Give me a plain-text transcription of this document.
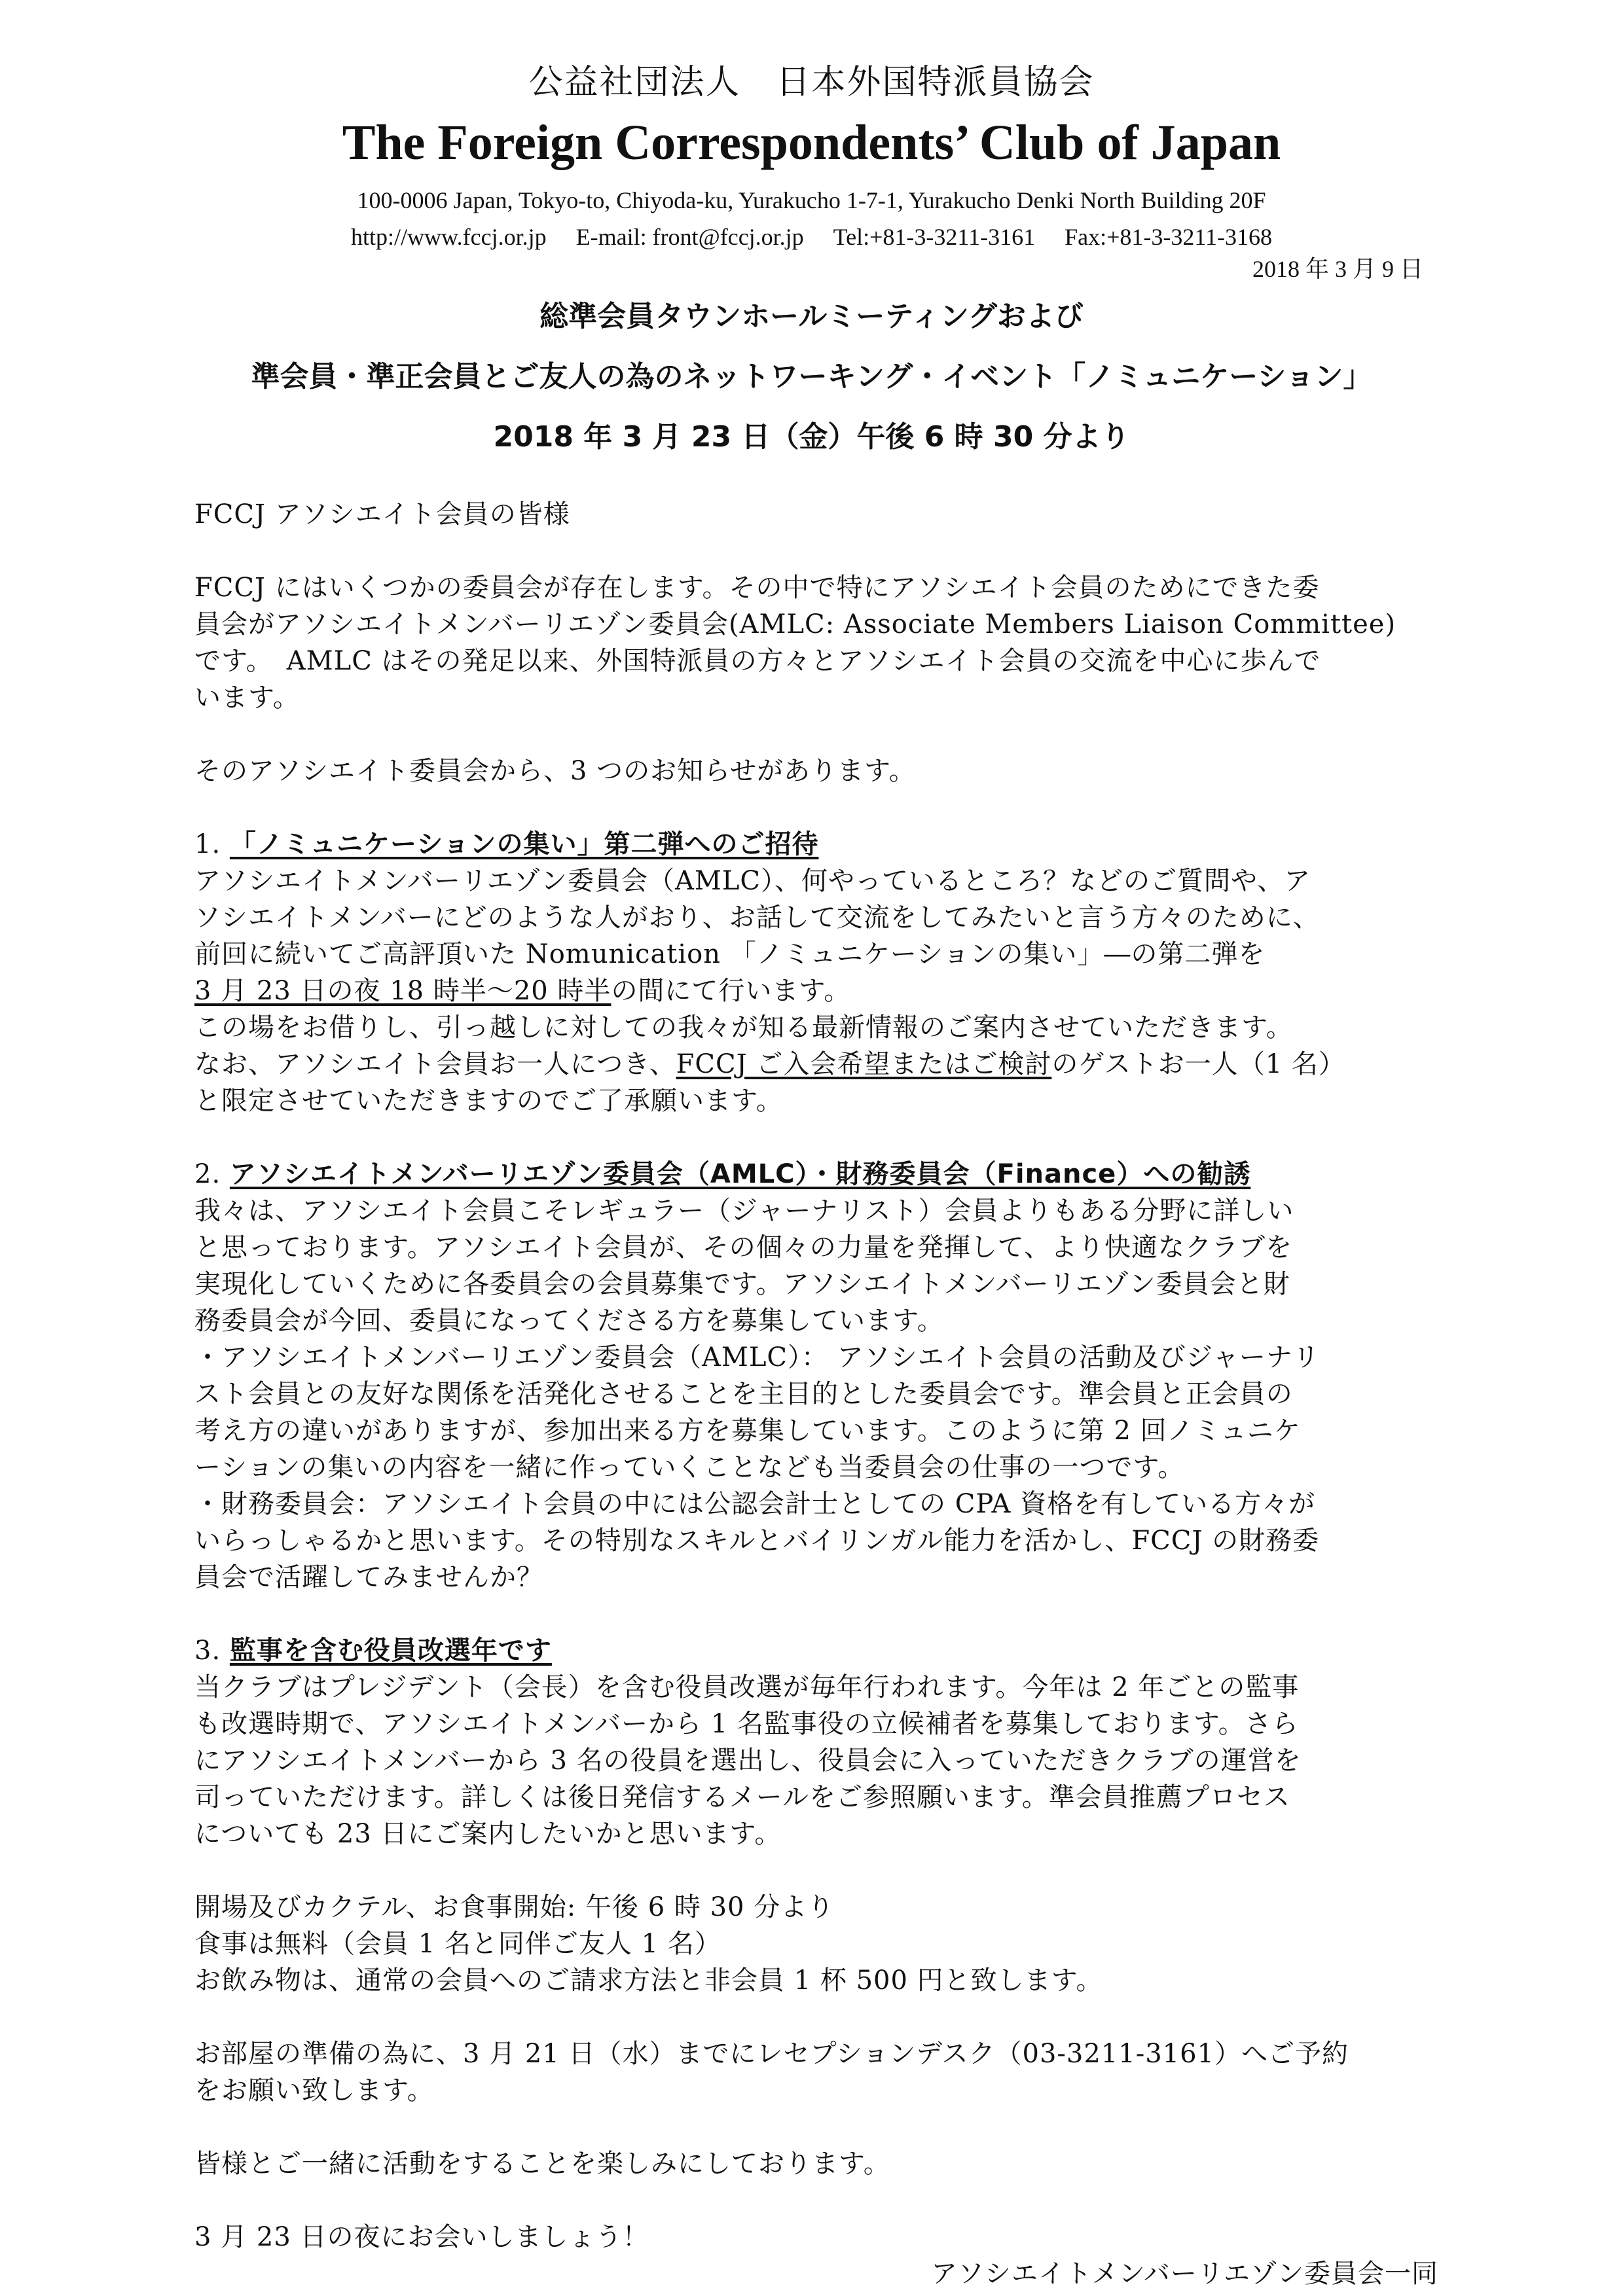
公益社団法人　日本外国特派員協会
The Foreign Correspondents’ Club of Japan
100-0006 Japan, Tokyo-to, Chiyoda-ku, Yurakucho 1-7-1, Yurakucho Denki North Building 20F
http://www.fccj.or.jp E-mail: front@fccj.or.jp Tel:+81-3-3211-3161 Fax:+81-3-3211-3168
2018 年 3 月 9 日
総準会員タウンホールミーティングおよび
準会員・準正会員とご友人の為のネットワーキング・イベント「ノミュニケーション」
2018 年 3 月 23 日（金）午後 6 時 30 分より

FCCJ アソシエイト会員の皆様

FCCJ にはいくつかの委員会が存在します。その中で特にアソシエイト会員のためにできた委

員会がアソシエイトメンバーリエゾン委員会(AMLC: Associate Members Liaison Committee)

です。　AMLC はその発足以来、外国特派員の方々とアソシエイト会員の交流を中心に歩んで

います。

そのアソシエイト委員会から、3 つのお知らせがあります。

1. 「ノミュニケーションの集い」第二弾へのご招待

アソシエイトメンバーリエゾン委員会（AMLC）、何やっているところ？などのご質問や、ア

ソシエイトメンバーにどのような人がおり、お話して交流をしてみたいと言う方々のために、

前回に続いてご高評頂いた Nomunication 「ノミュニケーションの集い」―の第二弾を

3 月 23 日の夜 18 時半～20 時半の間にて行います。

この場をお借りし、引っ越しに対しての我々が知る最新情報のご案内させていただきます。

なお、アソシエイト会員お一人につき、FCCJ ご入会希望またはご検討のゲストお一人（1 名）

と限定させていただきますのでご了承願います。

2. アソシエイトメンバーリエゾン委員会（AMLC）・財務委員会（Finance）への勧誘

我々は、アソシエイト会員こそレギュラー（ジャーナリスト）会員よりもある分野に詳しい

と思っております。アソシエイト会員が、その個々の力量を発揮して、より快適なクラブを

実現化していくために各委員会の会員募集です。アソシエイトメンバーリエゾン委員会と財

務委員会が今回、委員になってくださる方を募集しています。

・アソシエイトメンバーリエゾン委員会（AMLC）： アソシエイト会員の活動及びジャーナリ

スト会員との友好な関係を活発化させることを主目的とした委員会です。準会員と正会員の

考え方の違いがありますが、参加出来る方を募集しています。このように第 2 回ノミュニケ

ーションの集いの内容を一緒に作っていくことなども当委員会の仕事の一つです。

・財務委員会：アソシエイト会員の中には公認会計士としての CPA 資格を有している方々が

いらっしゃるかと思います。その特別なスキルとバイリンガル能力を活かし、FCCJ の財務委

員会で活躍してみませんか？

3. 監事を含む役員改選年です

当クラブはプレジデント（会長）を含む役員改選が毎年行われます。今年は 2 年ごとの監事

も改選時期で、アソシエイトメンバーから 1 名監事役の立候補者を募集しております。さら

にアソシエイトメンバーから 3 名の役員を選出し、役員会に入っていただきクラブの運営を

司っていただけます。詳しくは後日発信するメールをご参照願います。準会員推薦プロセス

についても 23 日にご案内したいかと思います。

開場及びカクテル、お食事開始: 午後 6 時 30 分より

食事は無料（会員 1 名と同伴ご友人 1 名）

お飲み物は、通常の会員へのご請求方法と非会員 1 杯 500 円と致します。

お部屋の準備の為に、3 月 21 日（水）までにレセプションデスク（03-3211-3161）へご予約

をお願い致します。

皆様とご一緒に活動をすることを楽しみにしております。

3 月 23 日の夜にお会いしましょう！

アソシエイトメンバーリエゾン委員会一同
